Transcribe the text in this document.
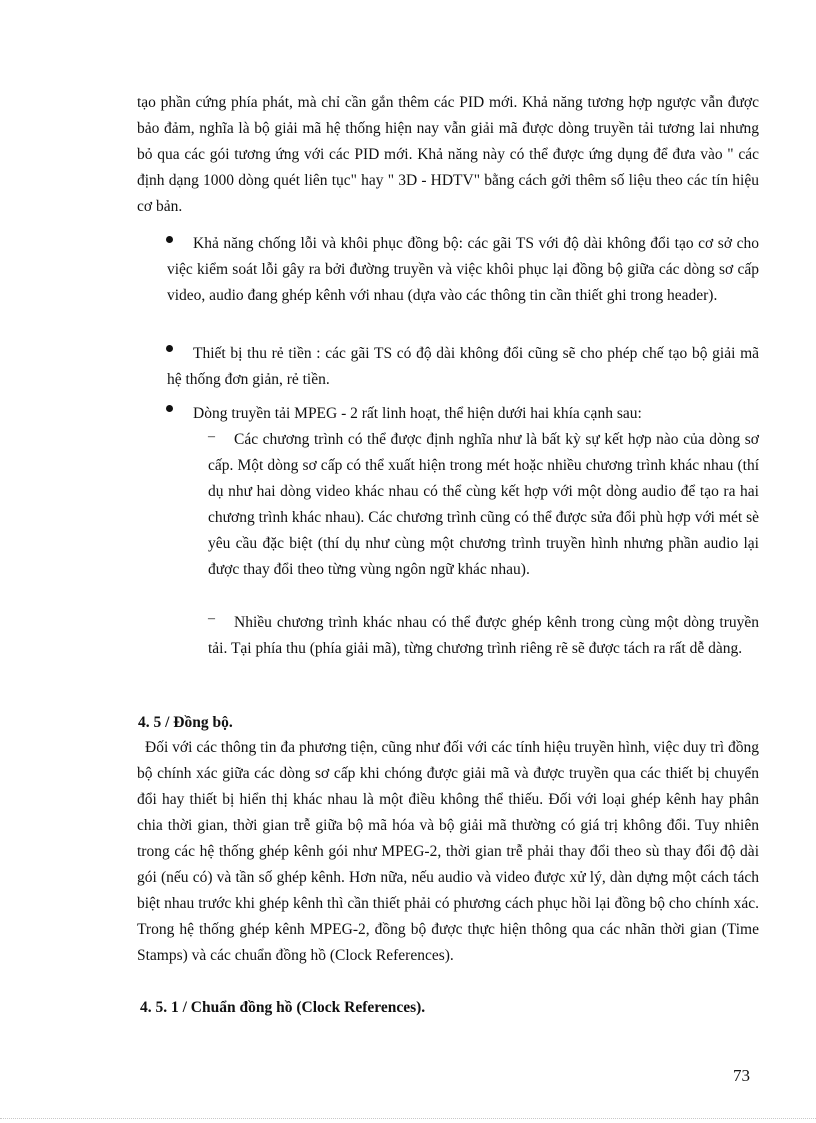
tạo phần cứng phía phát, mà chỉ cần gắn thêm các PID mới. Khả năng tương hợp ngược vẫn được bảo đảm, nghĩa là bộ giải mã hệ thống hiện nay vẫn giải mã được dòng truyền tải tương lai nhưng bỏ qua các gói tương ứng với các PID mới. Khả năng này có thể được ứng dụng để đưa vào " các định dạng 1000 dòng quét liên tục" hay " 3D - HDTV" bằng cách gởi thêm số liệu theo các tín hiệu cơ bản.

Khả năng chống lỗi và khôi phục đồng bộ: các gãi TS với độ dài không đổi tạo cơ sở cho việc kiểm soát lỗi gây ra bởi đường truyền và việc khôi phục lại đồng bộ giữa các dòng sơ cấp video, audio đang ghép kênh với nhau (dựa vào các thông tin cần thiết ghi trong header).

Thiết bị thu rẻ tiền : các gãi TS có độ dài không đổi cũng sẽ cho phép chế tạo bộ giải mã hệ thống đơn giản, rẻ tiền.

Dòng truyền tải MPEG - 2 rất linh hoạt, thể hiện dưới hai khía cạnh sau:

–	Các chương trình có thể được định nghĩa như là bất kỳ sự kết hợp nào của dòng sơ cấp. Một dòng sơ cấp có thể xuất hiện trong mét hoặc nhiều chương trình khác nhau (thí dụ như hai dòng video khác nhau có thể cùng kết hợp với một dòng audio để tạo ra hai chương trình khác nhau). Các chương trình cũng có thể được sửa đổi phù hợp với mét sè yêu cầu đặc biệt (thí dụ như cùng một chương trình truyền hình nhưng phần audio lại được thay đổi theo từng vùng ngôn ngữ khác nhau).

–	Nhiều chương trình khác nhau có thể được ghép kênh trong cùng một dòng truyền tải. Tại phía thu (phía giải mã), từng chương trình riêng rẽ sẽ được tách ra rất dễ dàng.

4. 5 / Đồng bộ.

Đối với các thông tin đa phương tiện, cũng như đối với các tính hiệu truyền hình, việc duy trì đồng bộ chính xác giữa các dòng sơ cấp khi chóng được giải mã và được truyền qua các thiết bị chuyển đổi hay thiết bị hiển thị khác nhau là một điều không thể thiếu. Đối với loại ghép kênh hay phân chia thời gian, thời gian trễ giữa bộ mã hóa và bộ giải mã thường có giá trị không đổi. Tuy nhiên trong các hệ thống ghép kênh gói như MPEG-2, thời gian trễ phải thay đổi theo sù thay đổi độ dài gói (nếu có) và tần số ghép kênh. Hơn nữa, nếu audio và video được xử lý, dàn dựng một cách tách biệt nhau trước khi ghép kênh thì cần thiết phải có phương cách phục hồi lại đồng bộ cho chính xác. Trong hệ thống ghép kênh MPEG-2, đồng bộ được thực hiện thông qua các nhãn thời gian (Time Stamps) và các chuẩn đồng hồ (Clock References).

4. 5. 1 / Chuẩn đồng hồ (Clock References).
73
